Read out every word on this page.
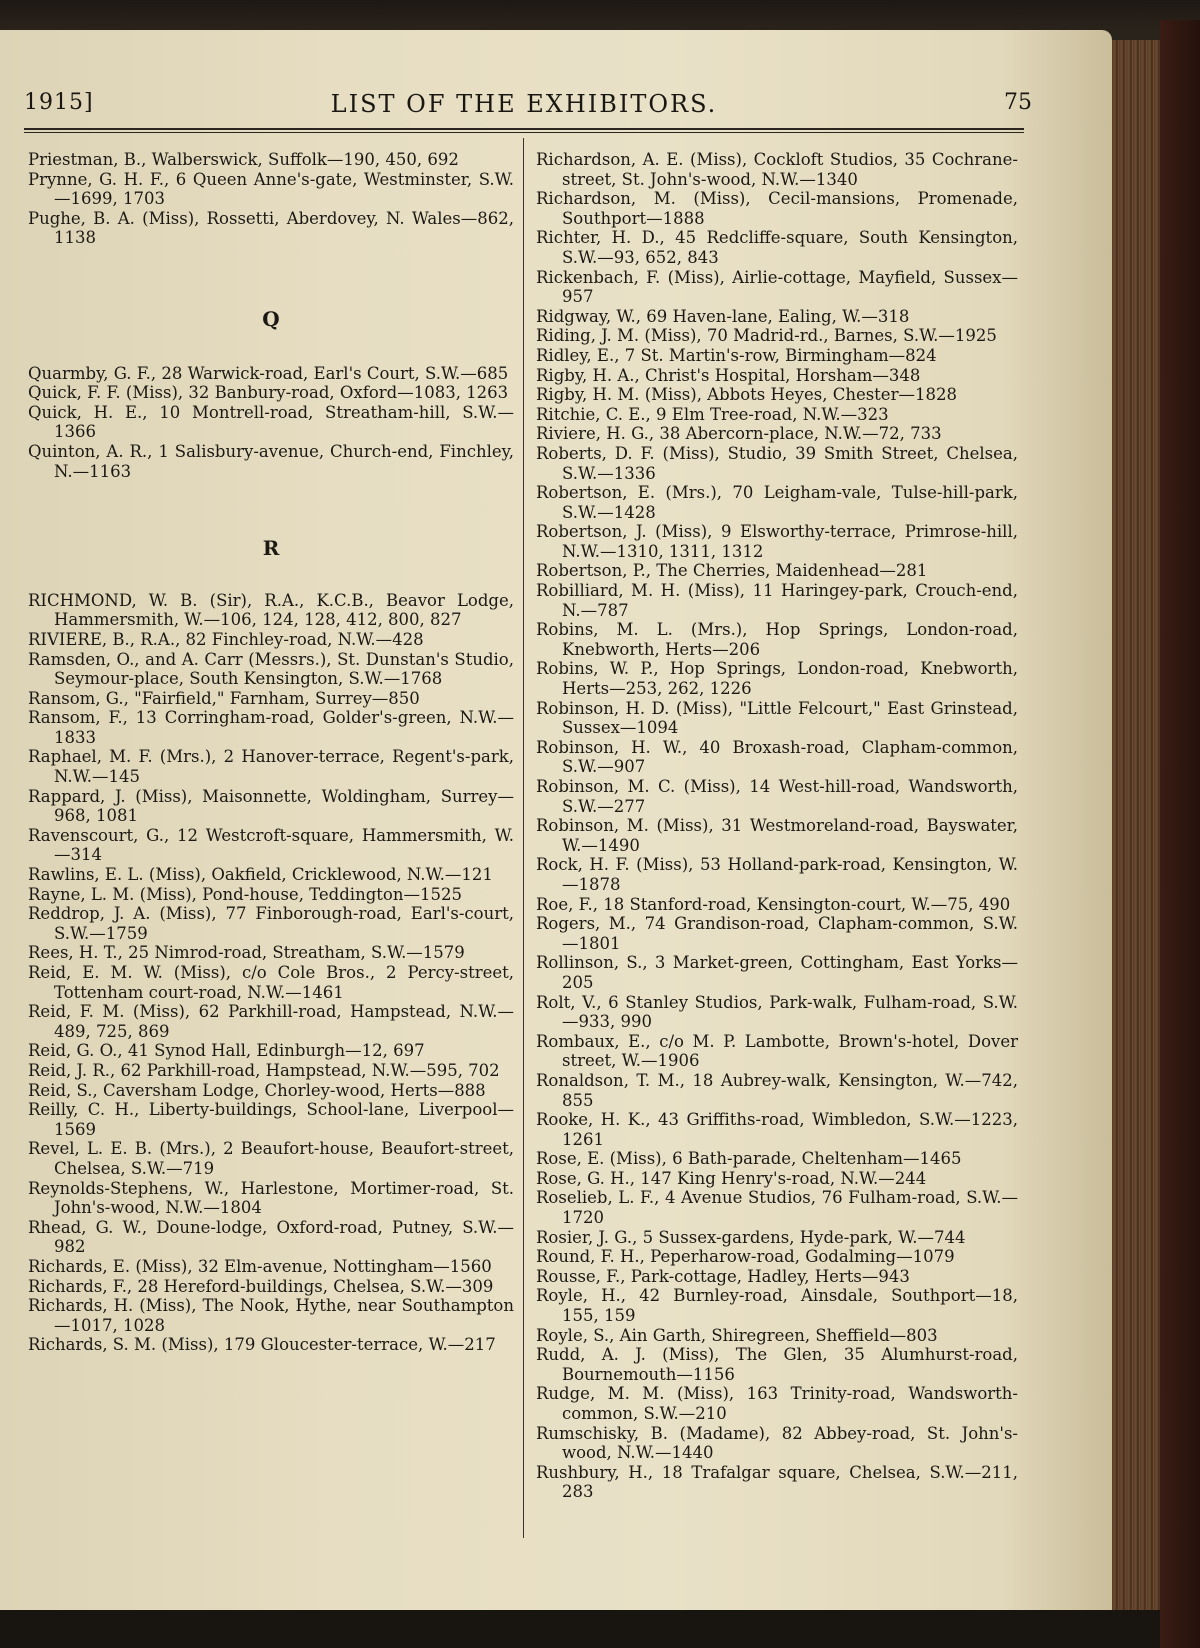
LIST OF THE EXHIBITORS.
1915]	75

Priestman, B., Walberswick, Suffolk—190, 450, 692

Prynne, G. H. F., 6 Queen Anne's-gate, Westminster, S.W.—1699, 1703

Pughe, B. A. (Miss), Rossetti, Aberdovey, N. Wales—862, 1138

Q

Quarmby, G. F., 28 Warwick-road, Earl's Court, S.W.—685

Quick, F. F. (Miss), 32 Banbury-road, Oxford—1083, 1263

Quick, H. E., 10 Montrell-road, Streatham-hill, S.W.—1366

Quinton, A. R., 1 Salisbury-avenue, Church-end, Finchley, N.—1163

R

RICHMOND, W. B. (Sir), R.A., K.C.B., Beavor Lodge, Hammersmith, W.—106, 124, 128, 412, 800, 827

RIVIERE, B., R.A., 82 Finchley-road, N.W.—428

Ramsden, O., and A. Carr (Messrs.), St. Dunstan's Studio, Seymour-place, South Kensington, S.W.—1768

Ransom, G., "Fairfield," Farnham, Surrey—850

Ransom, F., 13 Corringham-road, Golder's-green, N.W.—1833

Raphael, M. F. (Mrs.), 2 Hanover-terrace, Regent's-park, N.W.—145

Rappard, J. (Miss), Maisonnette, Woldingham, Surrey—968, 1081

Ravenscourt, G., 12 Westcroft-square, Hammersmith, W.—314

Rawlins, E. L. (Miss), Oakfield, Cricklewood, N.W.—121

Rayne, L. M. (Miss), Pond-house, Teddington—1525

Reddrop, J. A. (Miss), 77 Finborough-road, Earl's-court, S.W.—1759

Rees, H. T., 25 Nimrod-road, Streatham, S.W.—1579

Reid, E. M. W. (Miss), c/o Cole Bros., 2 Percy-street, Tottenham court-road, N.W.—1461

Reid, F. M. (Miss), 62 Parkhill-road, Hampstead, N.W.—489, 725, 869

Reid, G. O., 41 Synod Hall, Edinburgh—12, 697

Reid, J. R., 62 Parkhill-road, Hampstead, N.W.—595, 702

Reid, S., Caversham Lodge, Chorley-wood, Herts—888

Reilly, C. H., Liberty-buildings, School-lane, Liverpool—1569

Revel, L. E. B. (Mrs.), 2 Beaufort-house, Beaufort-street, Chelsea, S.W.—719

Reynolds-Stephens, W., Harlestone, Mortimer-road, St. John's-wood, N.W.—1804

Rhead, G. W., Doune-lodge, Oxford-road, Putney, S.W.—982

Richards, E. (Miss), 32 Elm-avenue, Nottingham—1560

Richards, F., 28 Hereford-buildings, Chelsea, S.W.—309

Richards, H. (Miss), The Nook, Hythe, near Southampton—1017, 1028

Richards, S. M. (Miss), 179 Gloucester-terrace, W.—217

Richardson, A. E. (Miss), Cockloft Studios, 35 Cochrane-street, St. John's-wood, N.W.—1340

Richardson, M. (Miss), Cecil-mansions, Promenade, Southport—1888

Richter, H. D., 45 Redcliffe-square, South Kensington, S.W.—93, 652, 843

Rickenbach, F. (Miss), Airlie-cottage, Mayfield, Sussex—957

Ridgway, W., 69 Haven-lane, Ealing, W.—318

Riding, J. M. (Miss), 70 Madrid-rd., Barnes, S.W.—1925

Ridley, E., 7 St. Martin's-row, Birmingham—824

Rigby, H. A., Christ's Hospital, Horsham—348

Rigby, H. M. (Miss), Abbots Heyes, Chester—1828

Ritchie, C. E., 9 Elm Tree-road, N.W.—323

Riviere, H. G., 38 Abercorn-place, N.W.—72, 733

Roberts, D. F. (Miss), Studio, 39 Smith Street, Chelsea, S.W.—1336

Robertson, E. (Mrs.), 70 Leigham-vale, Tulse-hill-park, S.W.—1428

Robertson, J. (Miss), 9 Elsworthy-terrace, Primrose-hill, N.W.—1310, 1311, 1312

Robertson, P., The Cherries, Maidenhead—281

Robilliard, M. H. (Miss), 11 Haringey-park, Crouch-end, N.—787

Robins, M. L. (Mrs.), Hop Springs, London-road, Knebworth, Herts—206

Robins, W. P., Hop Springs, London-road, Knebworth, Herts—253, 262, 1226

Robinson, H. D. (Miss), "Little Felcourt," East Grinstead, Sussex—1094

Robinson, H. W., 40 Broxash-road, Clapham-common, S.W.—907

Robinson, M. C. (Miss), 14 West-hill-road, Wandsworth, S.W.—277

Robinson, M. (Miss), 31 Westmoreland-road, Bayswater, W.—1490

Rock, H. F. (Miss), 53 Holland-park-road, Kensington, W.—1878

Roe, F., 18 Stanford-road, Kensington-court, W.—75, 490

Rogers, M., 74 Grandison-road, Clapham-common, S.W.—1801

Rollinson, S., 3 Market-green, Cottingham, East Yorks—205

Rolt, V., 6 Stanley Studios, Park-walk, Fulham-road, S.W.—933, 990

Rombaux, E., c/o M. P. Lambotte, Brown's-hotel, Dover street, W.—1906

Ronaldson, T. M., 18 Aubrey-walk, Kensington, W.—742, 855

Rooke, H. K., 43 Griffiths-road, Wimbledon, S.W.—1223, 1261

Rose, E. (Miss), 6 Bath-parade, Cheltenham—1465

Rose, G. H., 147 King Henry's-road, N.W.—244

Roselieb, L. F., 4 Avenue Studios, 76 Fulham-road, S.W.—1720

Rosier, J. G., 5 Sussex-gardens, Hyde-park, W.—744

Round, F. H., Peperharow-road, Godalming—1079

Rousse, F., Park-cottage, Hadley, Herts—943

Royle, H., 42 Burnley-road, Ainsdale, Southport—18, 155, 159

Royle, S., Ain Garth, Shiregreen, Sheffield—803

Rudd, A. J. (Miss), The Glen, 35 Alumhurst-road, Bournemouth—1156

Rudge, M. M. (Miss), 163 Trinity-road, Wandsworth-common, S.W.—210

Rumschisky, B. (Madame), 82 Abbey-road, St. John's-wood, N.W.—1440

Rushbury, H., 18 Trafalgar square, Chelsea, S.W.—211, 283
